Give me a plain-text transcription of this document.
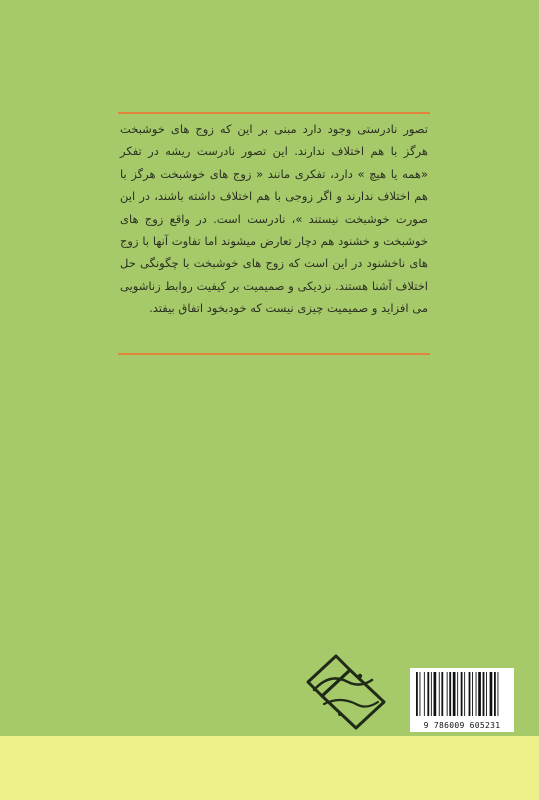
تصور نادرستی وجود دارد مبنی بر این که زوج های خوشبخت هرگز با هم اختلاف ندارند. این تصور نادرست ریشه در تفکر «همه یا هیچ » دارد، تفکری مانند « زوج های خوشبخت هرگز با هم اختلاف ندارند و اگر زوجی با هم اختلاف داشته باشند، در این صورت خوشبخت نیستند »، نادرست است. در واقع زوج های خوشبخت و خشنود هم دچار تعارض میشوند اما تفاوت آنها با زوج های ناخشنود در این است که زوج های خوشبخت با چگونگی حل اختلاف آشنا هستند. نزدیکی و صمیمیت بر کیفیت روابط زناشویی می افزاید و صمیمیت چیزی نیست که خودبخود اتفاق بیفتد.

9 786009 605231
